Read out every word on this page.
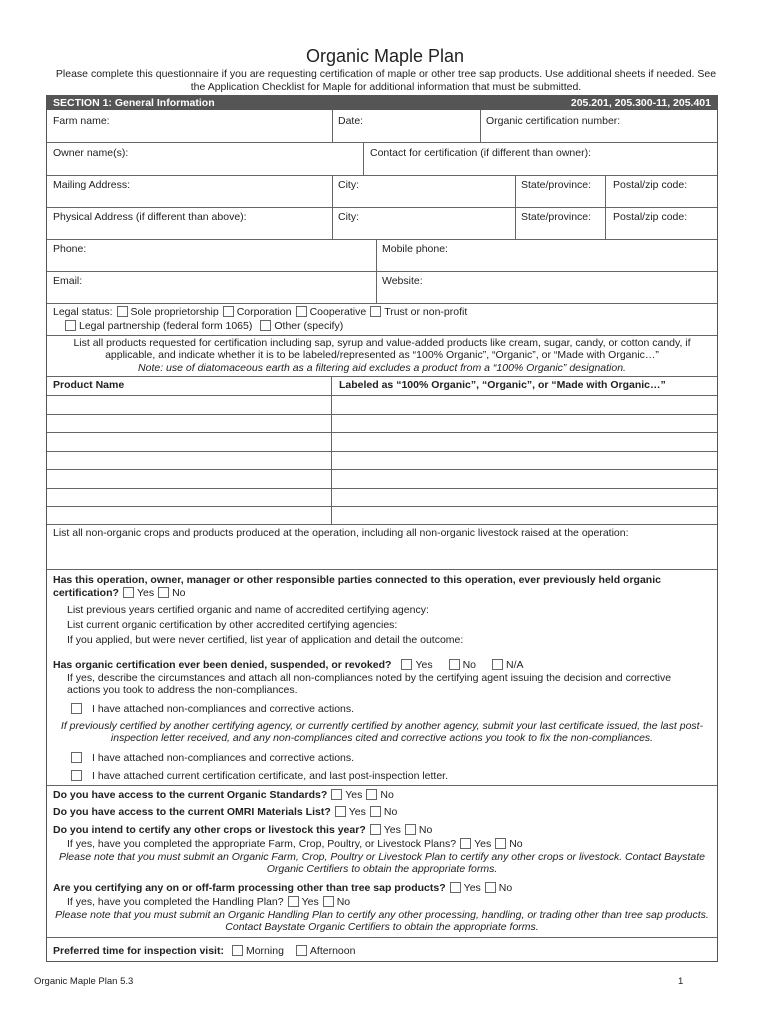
Organic Maple Plan
Please complete this questionnaire if you are requesting certification of maple or other tree sap products. Use additional sheets if needed. See the Application Checklist for Maple for additional information that must be submitted.
SECTION 1: General Information	205.201, 205.300-11, 205.401
Farm name:	Date:	Organic certification number:
Owner name(s):	Contact for certification (if different than owner):
Mailing Address:	City:	State/province: Postal/zip code:
Physical Address (if different than above):	City:	State/province: Postal/zip code:
Phone:	Mobile phone:
Email:	Website:
Legal status: Sole proprietorship Corporation Cooperative Trust or non-profit
Legal partnership (federal form 1065) Other (specify)
List all products requested for certification including sap, syrup and value-added products like cream, sugar, candy, or cotton candy, if applicable, and indicate whether it is to be labeled/represented as “100% Organic”, “Organic”, or “Made with Organic…”
Note: use of diatomaceous earth as a filtering aid excludes a product from a “100% Organic” designation.
Product Name	Labeled as “100% Organic”, “Organic”, or “Made with Organic…”
List all non-organic crops and products produced at the operation, including all non-organic livestock raised at the operation:
Has this operation, owner, manager or other responsible parties connected to this operation, ever previously held organic
certification? Yes No
List previous years certified organic and name of accredited certifying agency:
List current organic certification by other accredited certifying agencies:
If you applied, but were never certified, list year of application and detail the outcome:
Has organic certification ever been denied, suspended, or revoked? Yes	No	N/A
If yes, describe the circumstances and attach all non-compliances noted by the certifying agent issuing the decision and corrective actions you took to address the non-compliances.
I have attached non-compliances and corrective actions.
If previously certified by another certifying agency, or currently certified by another agency, submit your last certificate issued, the last post-inspection letter received, and any non-compliances cited and corrective actions you took to fix the non-compliances.
I have attached non-compliances and corrective actions.
I have attached current certification certificate, and last post-inspection letter.
Do you have access to the current Organic Standards? Yes No
Do you have access to the current OMRI Materials List? Yes No
Do you intend to certify any other crops or livestock this year? Yes No
If yes, have you completed the appropriate Farm, Crop, Poultry, or Livestock Plans? Yes No
Please note that you must submit an Organic Farm, Crop, Poultry or Livestock Plan to certify any other crops or livestock. Contact Baystate Organic Certifiers to obtain the appropriate forms.
Are you certifying any on or off-farm processing other than tree sap products? Yes No
If yes, have you completed the Handling Plan? Yes No
Please note that you must submit an Organic Handling Plan to certify any other processing, handling, or trading other than tree sap products. Contact Baystate Organic Certifiers to obtain the appropriate forms.
Preferred time for inspection visit: Morning Afternoon
Organic Maple Plan 5.3	1
